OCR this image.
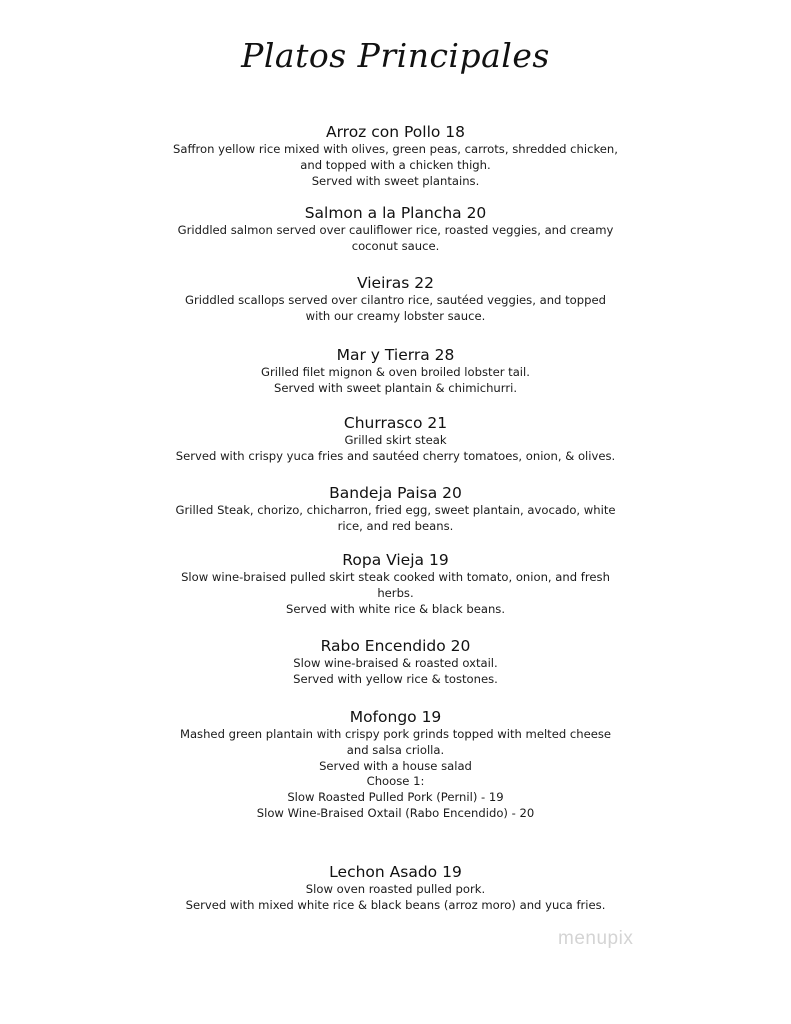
Platos Principales
Arroz con Pollo 18
Saffron yellow rice mixed with olives, green peas, carrots, shredded chicken,
and topped with a chicken thigh.
Served with sweet plantains.
Salmon a la Plancha 20
Griddled salmon served over cauliflower rice, roasted veggies, and creamy
coconut sauce.
Vieiras 22
Griddled scallops served over cilantro rice, sautéed veggies, and topped
with our creamy lobster sauce.
Mar y Tierra 28
Grilled filet mignon & oven broiled lobster tail.
Served with sweet plantain & chimichurri.
Churrasco 21
Grilled skirt steak
Served with crispy yuca fries and sautéed cherry tomatoes, onion, & olives.
Bandeja Paisa 20
Grilled Steak, chorizo, chicharron, fried egg, sweet plantain, avocado, white
rice, and red beans.
Ropa Vieja 19
Slow wine-braised pulled skirt steak cooked with tomato, onion, and fresh
herbs.
Served with white rice & black beans.
Rabo Encendido 20
Slow wine-braised & roasted oxtail.
Served with yellow rice & tostones.
Mofongo 19
Mashed green plantain with crispy pork grinds topped with melted cheese
and salsa criolla.
Served with a house salad
Choose 1:
Slow Roasted Pulled Pork (Pernil) - 19
Slow Wine-Braised Oxtail (Rabo Encendido) - 20
Lechon Asado 19
Slow oven roasted pulled pork.
Served with mixed white rice & black beans (arroz moro) and yuca fries.
menupix
